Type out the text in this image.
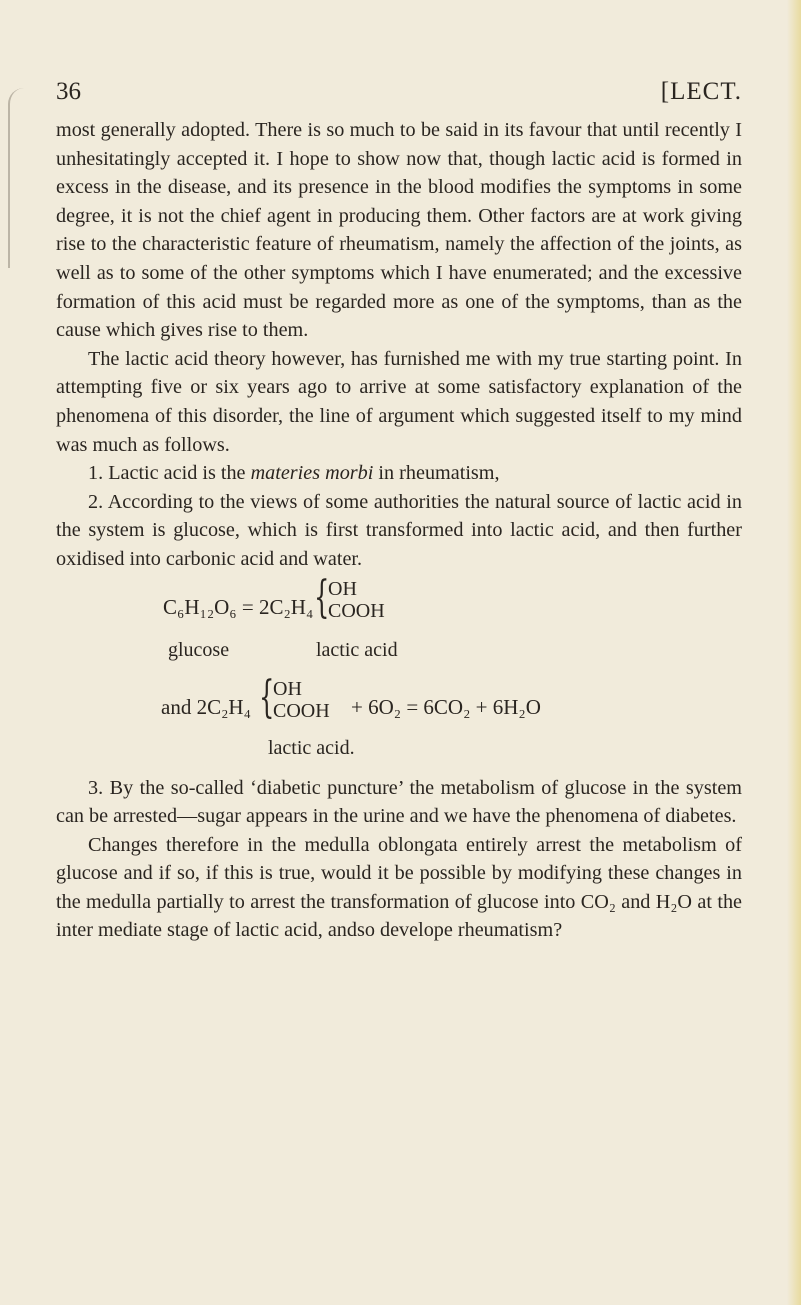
36	[LECT.

most generally adopted. There is so much to be said in its favour that until recently I unhesitatingly accepted it. I hope to show now that, though lactic acid is formed in excess in the disease, and its presence in the blood modifies the symptoms in some degree, it is not the chief agent in producing them. Other factors are at work giving rise to the characteristic feature of rheumatism, namely the affection of the joints, as well as to some of the other symptoms which I have enumerated; and the excessive formation of this acid must be regarded more as one of the symptoms, than as the cause which gives rise to them.

The lactic acid theory however, has furnished me with my true starting point. In attempting five or six years ago to arrive at some satisfactory explanation of the phenomena of this disorder, the line of argument which suggested itself to my mind was much as follows.

1. Lactic acid is the materies morbi in rheumatism,

2. According to the views of some authorities the natural source of lactic acid in the system is glucose, which is first transformed into lactic acid, and then further oxidised into carbonic acid and water.

C₆H₁₂O₆ = 2C₂H₄ {
OH
COOH
glucose	lactic acid
and 2C₂H₄ {
OH
COOH + 6O₂ = 6CO₂ + 6H₂O
lactic acid.

3. By the so-called ‘diabetic puncture’ the metabolism of glucose in the system can be arrested—sugar appears in the urine and we have the phenomena of diabetes.

Changes therefore in the medulla oblongata entirely arrest the metabolism of glucose and if so, if this is true, would it be possible by modifying these changes in the medulla partially to arrest the transformation of glucose into CO₂ and H₂O at the inter mediate stage of lactic acid, andso develope rheumatism?
